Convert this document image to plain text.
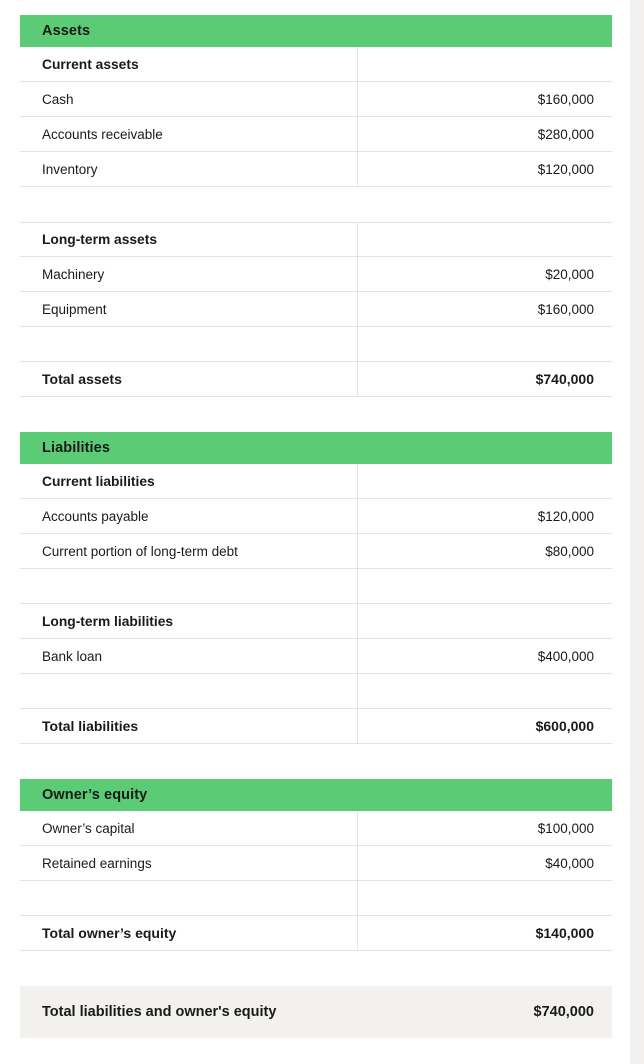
Assets
Current assets
Cash	$160,000
Accounts receivable	$280,000
Inventory	$120,000
Long-term assets
Machinery	$20,000
Equipment	$160,000
Total assets	$740,000
Liabilities
Current liabilities
Accounts payable	$120,000
Current portion of long-term debt	$80,000
Long-term liabilities
Bank loan	$400,000
Total liabilities	$600,000
Owner’s equity
Owner’s capital	$100,000
Retained earnings	$40,000
Total owner’s equity	$140,000
Total liabilities and owner's equity	$740,000
